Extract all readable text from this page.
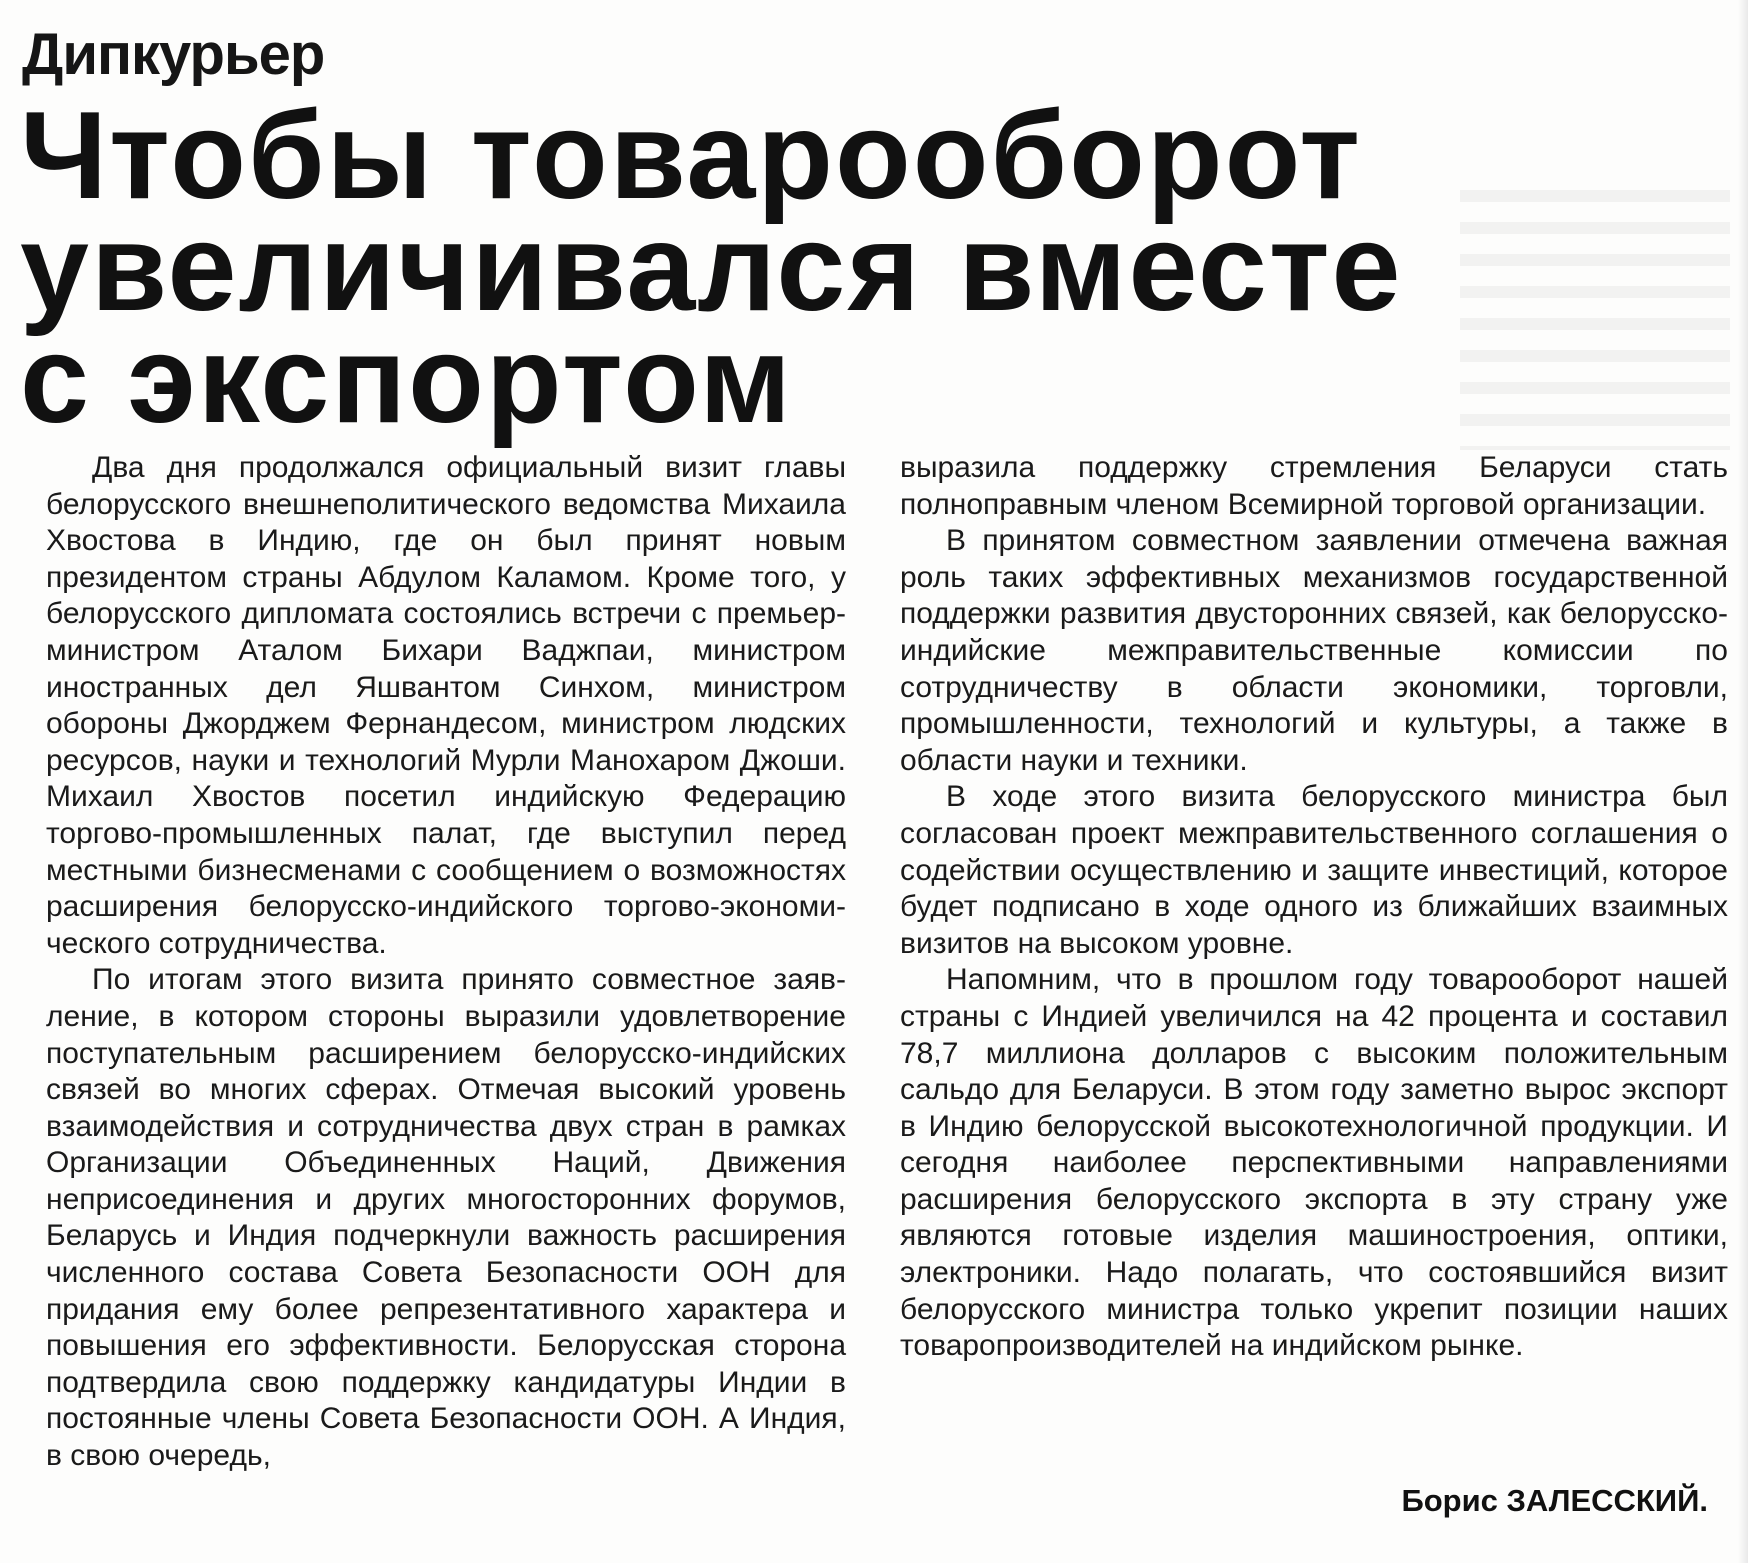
Дипкурьер
Чтобы товарооборот
увеличивался вместе
с экспортом

Два дня продолжался официальный визит главы белорусского внешнеполитического ведомства Михаила Хвостова в Индию, где он был принят новым президентом страны Абдулом Каламом. Кроме того, у белорусского дипломата состоялись встречи с премьер-министром Аталом Бихари Ваджпаи, министром иностранных дел Яшвантом Синхом, министром обороны Джорджем Фернандесом, министром людских ресурсов, науки и технологий Мурли Манохаром Джоши. Михаил Хвостов посетил индийскую Федерацию торгово-промышленных палат, где выступил перед местными бизнесменами с сообщением о возможностях расширения белорусско-индийского торгово-экономического сотрудничества.

По итогам этого визита принято совместное заявление, в котором стороны выразили удовлетворение поступательным расширением белорусско-индийских связей во многих сферах. Отмечая высокий уровень взаимодействия и сотрудничества двух стран в рамках Организации Объединенных Наций, Движения неприсоединения и других многосторонних форумов, Беларусь и Индия подчеркнули важность расширения численного состава Совета Безопасности ООН для придания ему более репрезентативного характера и повышения его эффективности. Белорусская сторона подтвердила свою поддержку кандидатуры Индии в постоянные члены Совета Безопасности ООН. А Индия, в свою очередь,

выразила поддержку стремления Беларуси стать полноправным членом Всемирной торговой организации.

В принятом совместном заявлении отмечена важная роль таких эффективных механизмов государственной поддержки развития двусторонних связей, как белорусско-индийские межправительственные комиссии по сотрудничеству в области экономики, торговли, промышленности, технологий и культуры, а также в области науки и техники.

В ходе этого визита белорусского министра был согласован проект межправительственного соглашения о содействии осуществлению и защите инвестиций, которое будет подписано в ходе одного из ближайших взаимных визитов на высоком уровне.

Напомним, что в прошлом году товарооборот нашей страны с Индией увеличился на 42 процента и составил 78,7 миллиона долларов с высоким положительным сальдо для Беларуси. В этом году заметно вырос экспорт в Индию белорусской высокотехнологичной продукции. И сегодня наиболее перспективными направлениями расширения белорусского экспорта в эту страну уже являются готовые изделия машиностроения, оптики, электроники. Надо полагать, что состоявшийся визит белорусского министра только укрепит позиции наших товаропроизводителей на индийском рынке.

Борис ЗАЛЕССКИЙ.
